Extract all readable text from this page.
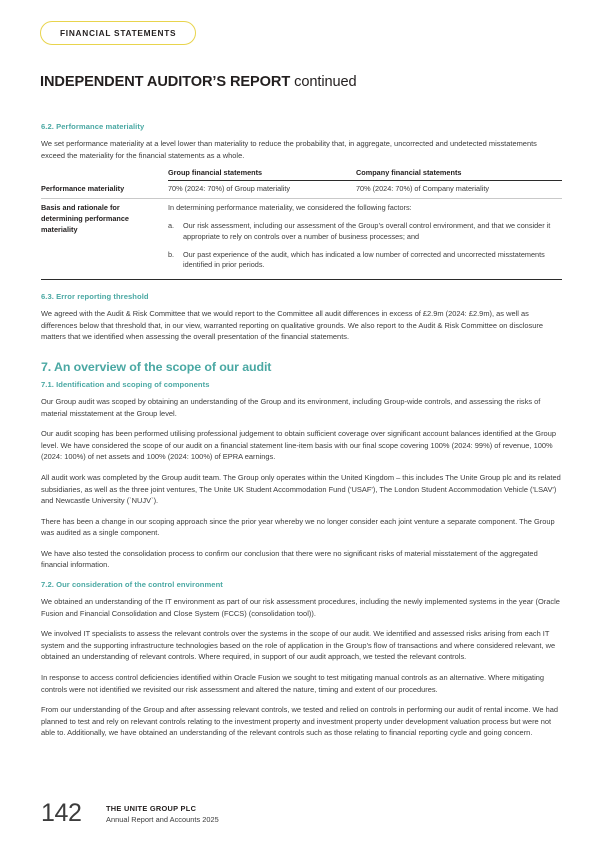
FINANCIAL STATEMENTS
INDEPENDENT AUDITOR’S REPORT continued
6.2. Performance materiality

We set performance materiality at a level lower than materiality to reduce the probability that, in aggregate, uncorrected and undetected misstatements exceed the materiality for the financial statements as a whole.

	Group financial statements	Company financial statements
Performance materiality	70% (2024: 70%) of Group materiality	70% (2024: 70%) of Company materiality
Basis and rationale for determining performance materiality	
In determining performance materiality, we considered the following factors:
a. Our risk assessment, including our assessment of the Group’s overall control environment, and that we consider it appropriate to rely on controls over a number of business processes; and
b. Our past experience of the audit, which has indicated a low number of corrected and uncorrected misstatements identified in prior periods.
6.3. Error reporting threshold

We agreed with the Audit & Risk Committee that we would report to the Committee all audit differences in excess of £2.9m (2024: £2.9m), as well as differences below that threshold that, in our view, warranted reporting on qualitative grounds. We also report to the Audit & Risk Committee on disclosure matters that we identified when assessing the overall presentation of the financial statements.

7. An overview of the scope of our audit
7.1. Identification and scoping of components

Our Group audit was scoped by obtaining an understanding of the Group and its environment, including Group-wide controls, and assessing the risks of material misstatement at the Group level.

Our audit scoping has been performed utilising professional judgement to obtain sufficient coverage over significant account balances identified at the Group level. We have considered the scope of our audit on a financial statement line-item basis with our final scope covering 100% (2024: 99%) of revenue, 100% (2024: 100%) of net assets and 100% (2024: 100%) of EPRA earnings.

All audit work was completed by the Group audit team. The Group only operates within the United Kingdom – this includes The Unite Group plc and its related subsidiaries, as well as the three joint ventures, The Unite UK Student Accommodation Fund ('USAF'), The London Student Accommodation Vehicle ('LSAV') and Newcastle University (`NUJV`).

There has been a change in our scoping approach since the prior year whereby we no longer consider each joint venture a separate component. The Group was audited as a single component.

We have also tested the consolidation process to confirm our conclusion that there were no significant risks of material misstatement of the aggregated financial information.

7.2. Our consideration of the control environment

We obtained an understanding of the IT environment as part of our risk assessment procedures, including the newly implemented systems in the year (Oracle Fusion and Financial Consolidation and Close System (FCCS) (consolidation tool)).

We involved IT specialists to assess the relevant controls over the systems in the scope of our audit. We identified and assessed risks arising from each IT system and the supporting infrastructure technologies based on the role of application in the Group’s flow of transactions and where considered relevant, we obtained an understanding of relevant controls. Where required, in support of our audit approach, we tested the relevant controls.

In response to access control deficiencies identified within Oracle Fusion we sought to test mitigating manual controls as an alternative. Where mitigating controls were not identified we revisited our risk assessment and altered the nature, timing and extent of our procedures.

From our understanding of the Group and after assessing relevant controls, we tested and relied on controls in performing our audit of rental income. We had planned to test and rely on relevant controls relating to the investment property and investment property under development valuation process but were not able to. Additionally, we have obtained an understanding of the relevant controls such as those relating to financial reporting cycle and going concern.

142	THE UNITE GROUP PLC
Annual Report and Accounts 2025
